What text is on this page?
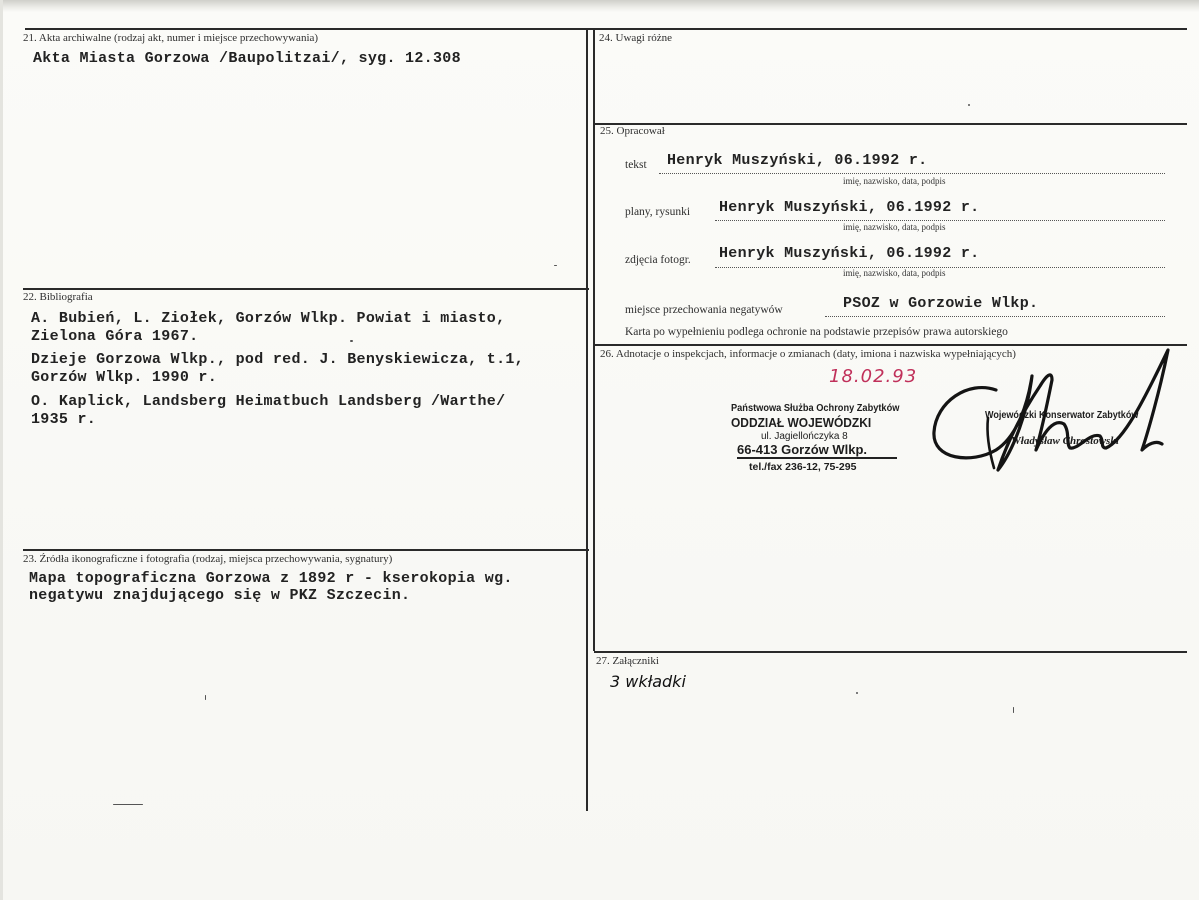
21. Akta archiwalne (rodzaj akt, numer i miejsce przechowywania)
Akta Miasta Gorzowa /Baupolitzai/, syg. 12.308
22. Bibliografia
A. Bubień, L. Ziołek, Gorzów Wlkp. Powiat i miasto,
Zielona Góra 1967.
Dzieje Gorzowa Wlkp., pod red. J. Benyskiewicza, t.1,
Gorzów Wlkp. 1990 r.
O. Kaplick, Landsberg Heimatbuch Landsberg /Warthe/
1935 r.
23. Źródła ikonograficzne i fotografia (rodzaj, miejsca przechowywania, sygnatury)
Mapa topograficzna Gorzowa z 1892 r - kserokopia wg.
negatywu znajdującego się w PKZ Szczecin.
24. Uwagi różne
25. Opracował
tekst Henryk Muszyński, 06.1992 r.
imię, nazwisko, data, podpis
plany, rysunki Henryk Muszyński, 06.1992 r.
imię, nazwisko, data, podpis
zdjęcia fotogr. Henryk Muszyński, 06.1992 r.
imię, nazwisko, data, podpis
miejsce przechowania negatywów	PSOZ w Gorzowie Wlkp.
Karta po wypełnieniu podlega ochronie na podstawie przepisów prawa autorskiego
26. Adnotacje o inspekcjach, informacje o zmianach (daty, imiona i nazwiska wypełniających)
18.02.93
Państwowa Służba Ochrony Zabytków
ODDZIAŁ WOJEWÓDZKI
ul. Jagiellończyka 8
66-413 Gorzów Wlkp.
tel./fax 236-12, 75-295
Wojewódzki Konserwator Zabytków
Władysław Chrostowski
27. Załączniki
3 wkładki
